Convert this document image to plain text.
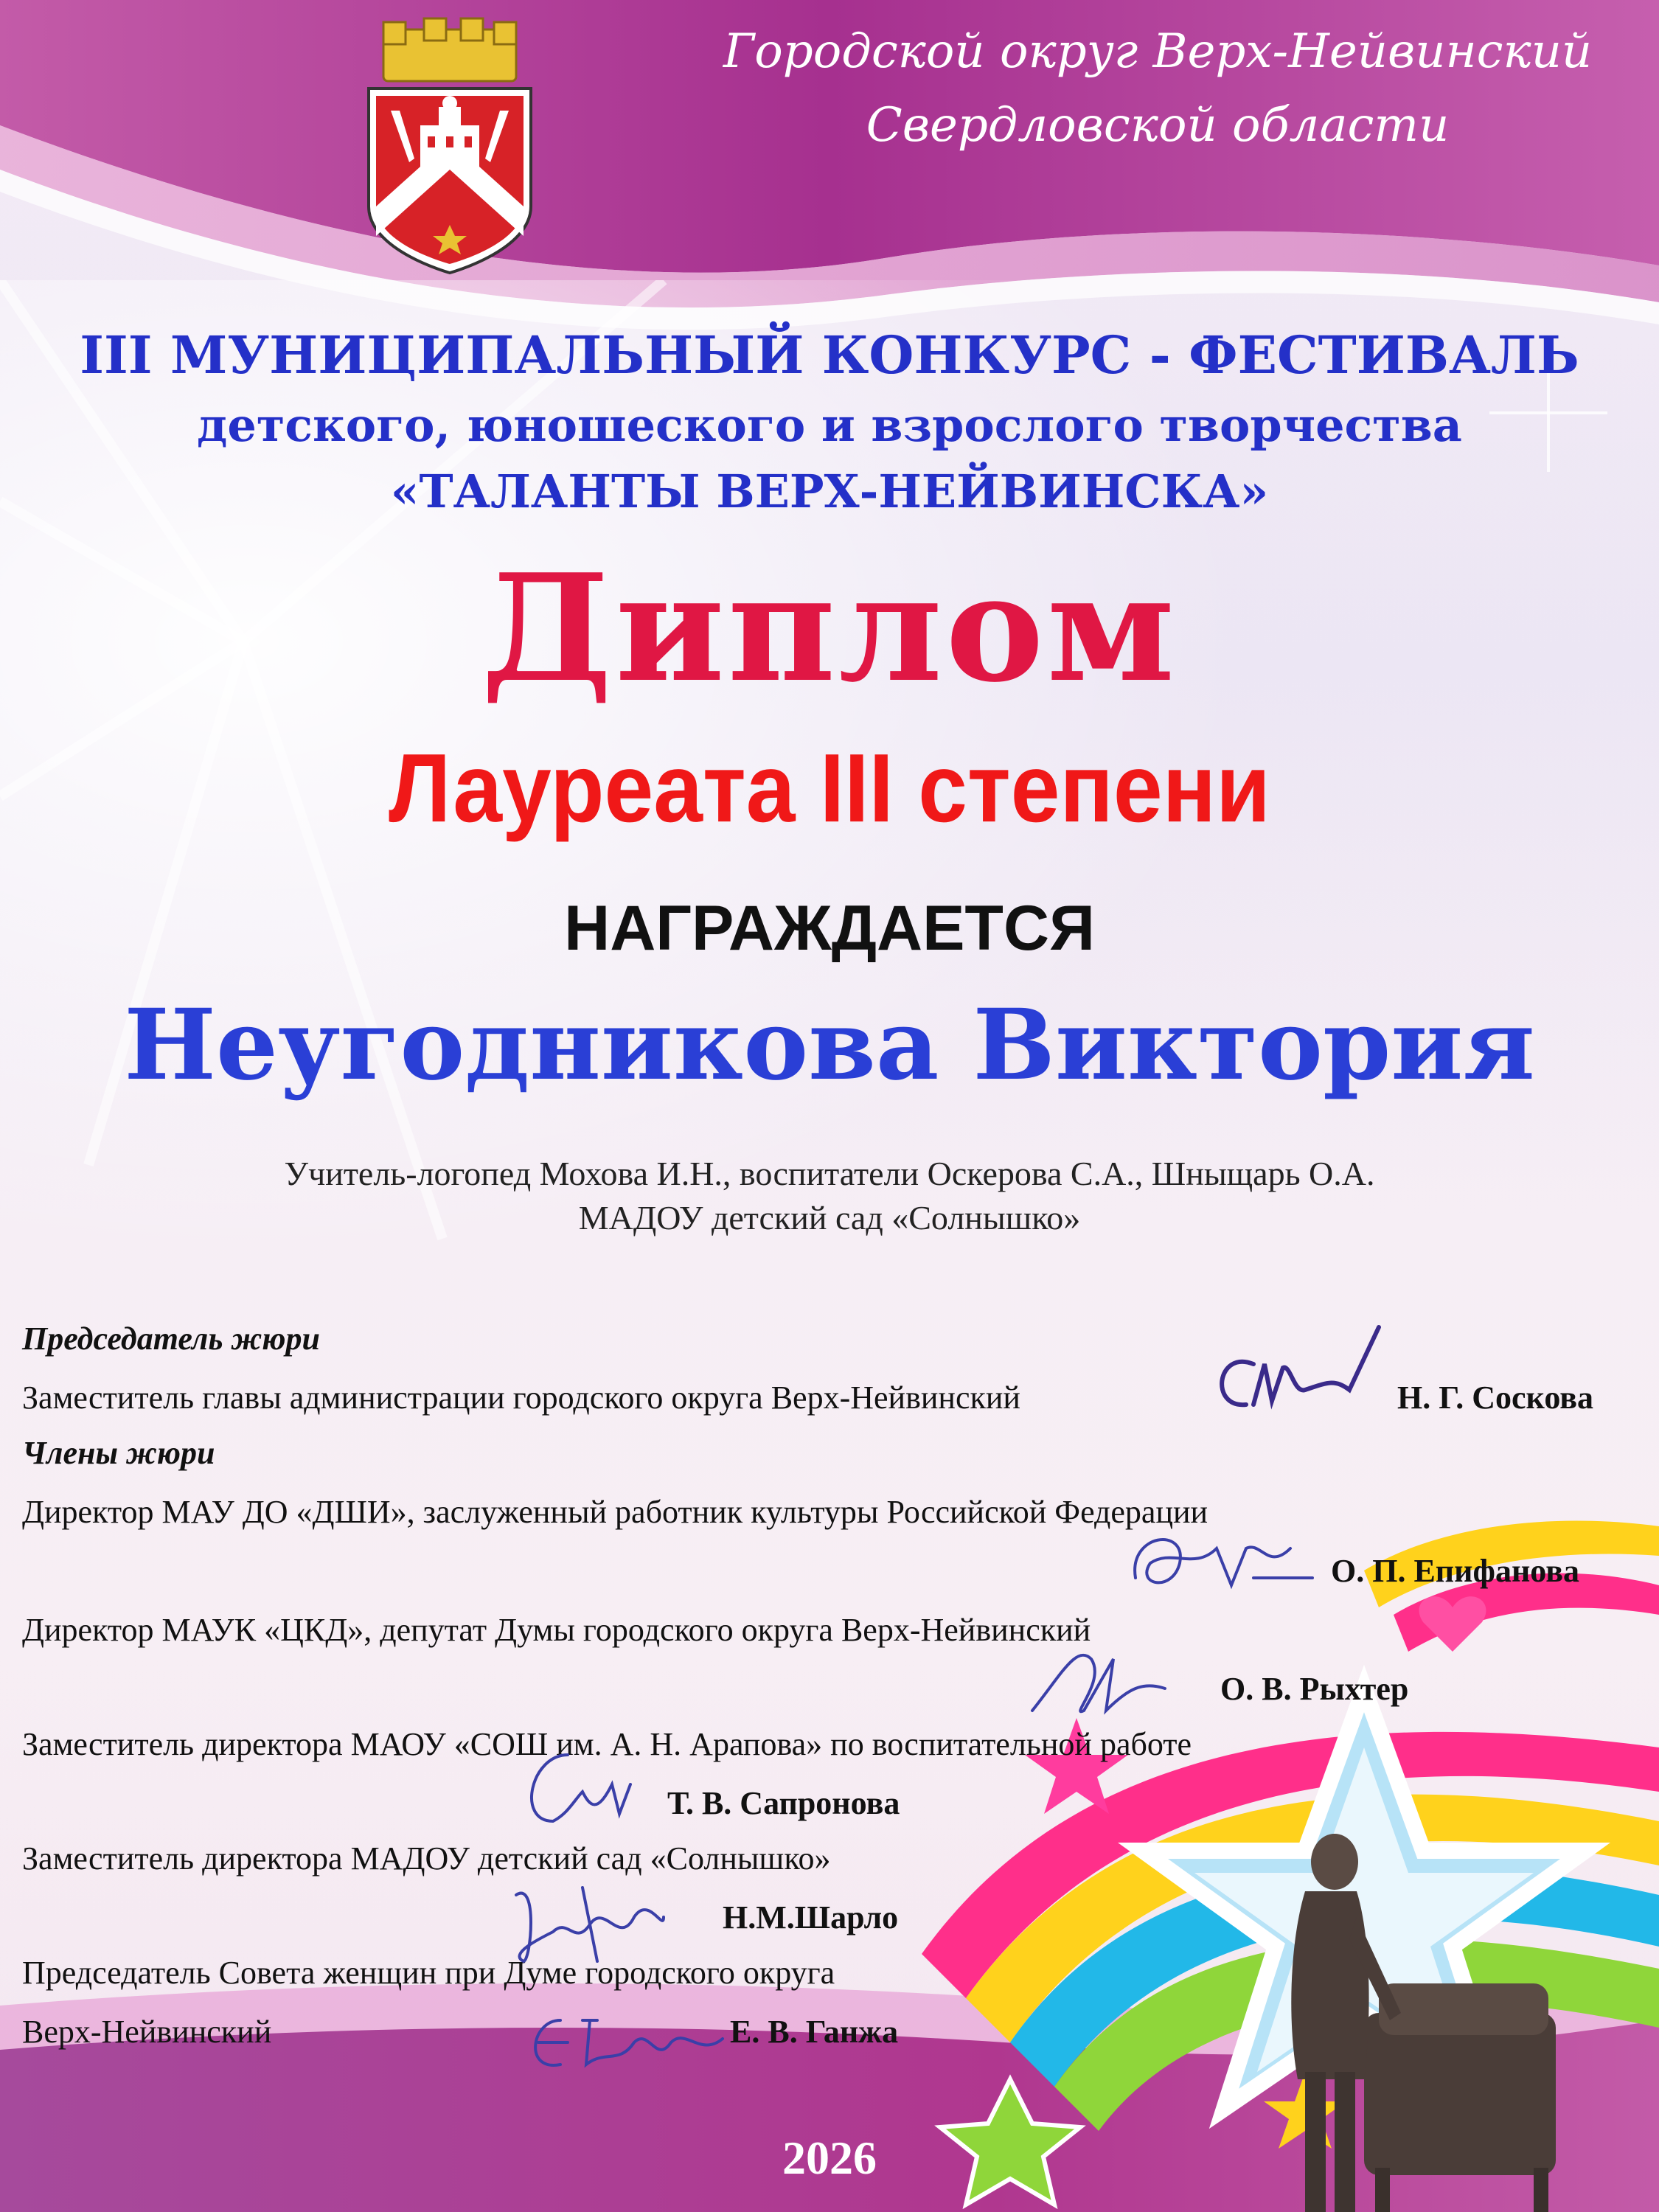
Городской округ Верх-Нейвинский
Свердловской области
III МУНИЦИПАЛЬНЫЙ КОНКУРС - ФЕСТИВАЛЬ
детского, юношеского и взрослого творчества
«ТАЛАНТЫ ВЕРХ-НЕЙВИНСКА»
Диплом
Лауреата III степени
НАГРАЖДАЕТСЯ
Неугодникова Виктория
Учитель-логопед Мохова И.Н., воспитатели Оскерова С.А., Шныщарь О.А.
МАДОУ детский сад «Солнышко»
Председатель жюри
Заместитель главы администрации городского округа Верх-Нейвинский	Н. Г. Соскова
Члены жюри
Директор МАУ ДО «ДШИ», заслуженный работник культуры Российской Федерации
О. П. Епифанова
Директор МАУК «ЦКД», депутат Думы городского округа Верх-Нейвинский
О. В. Рыхтер
Заместитель директора МАОУ «СОШ им. А. Н. Арапова» по воспитательной работе
Т. В. Сапронова
Заместитель директора МАДОУ детский сад «Солнышко»
Н.М.Шарло
Председатель Совета женщин при Думе городского округа
Верх-Нейвинский	Е. В. Ганжа
2026
